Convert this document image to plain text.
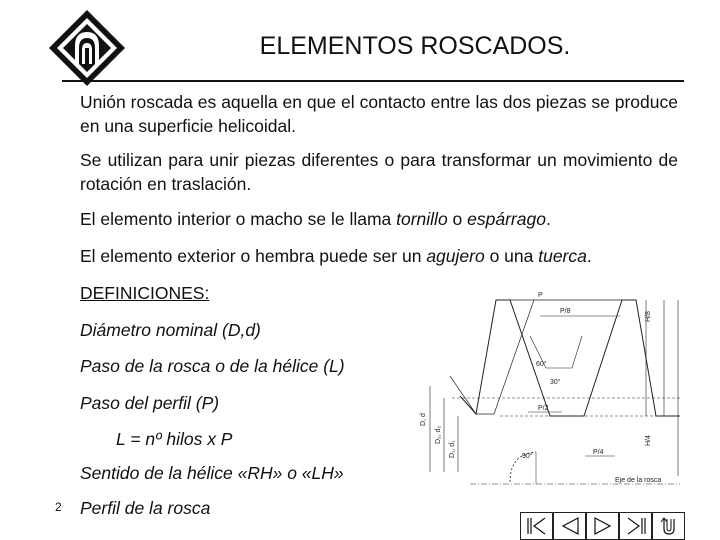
ELEMENTOS ROSCADOS.
Unión roscada es aquella en que el contacto entre las dos piezas se produce en una superficie helicoidal.
Se utilizan para unir piezas diferentes o para transformar un movimiento de rotación en traslación.
El elemento interior o macho se le llama tornillo o espárrago.
El elemento exterior o hembra puede ser un agujero o una tuerca.
DEFINICIONES:
Diámetro nominal (D,d)
Paso de la rosca o de la hélice (L)
Paso del perfil (P)
L = nº hilos x P
Sentido de la hélice «RH» o «LH»
Perfil de la rosca
2
P
P/8
60°
30°
P/2
P/4
H/8
H/4
D, d
D₂, d₂
D₁, d₁	90°
Eje de la rosca
